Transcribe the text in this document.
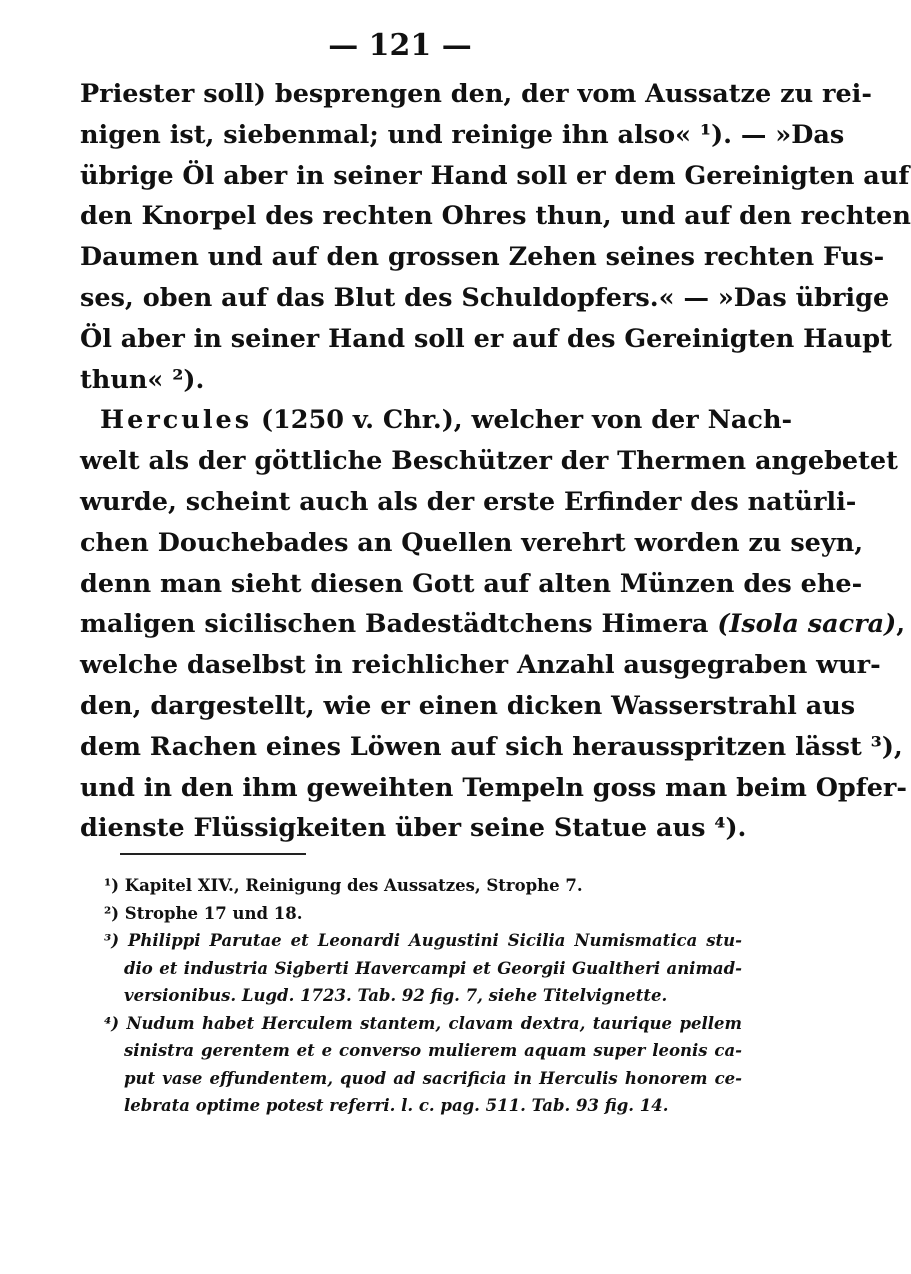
— 121 —
Priester soll) besprengen den, der vom Aussatze zu rei-
nigen ist, siebenmal; und reinige ihn also« ¹). — »Das
übrige Öl aber in seiner Hand soll er dem Gereinigten auf
den Knorpel des rechten Ohres thun, und auf den rechten
Daumen und auf den grossen Zehen seines rechten Fus-
ses, oben auf das Blut des Schuldopfers.« — »Das übrige
Öl aber in seiner Hand soll er auf des Gereinigten Haupt
thun« ²).
Hercules (1250 v. Chr.), welcher von der Nach-
welt als der göttliche Beschützer der Thermen angebetet
wurde, scheint auch als der erste Erfinder des natürli-
chen Douchebades an Quellen verehrt worden zu seyn,
denn man sieht diesen Gott auf alten Münzen des ehe-
maligen sicilischen Badestädtchens Himera (Isola sacra),
welche daselbst in reichlicher Anzahl ausgegraben wur-
den, dargestellt, wie er einen dicken Wasserstrahl aus
dem Rachen eines Löwen auf sich herausspritzen lässt ³),
und in den ihm geweihten Tempeln goss man beim Opfer-
dienste Flüssigkeiten über seine Statue aus ⁴).
¹) Kapitel XIV., Reinigung des Aussatzes, Strophe 7.
²) Strophe 17 und 18.
³) Philippi Parutae et Leonardi Augustini Sicilia Numismatica stu-
dio et industria Sigberti Havercampi et Georgii Gualtheri animad-
versionibus. Lugd. 1723. Tab. 92 fig. 7, siehe Titelvignette.
⁴) Nudum habet Herculem stantem, clavam dextra, taurique pellem
sinistra gerentem et e converso mulierem aquam super leonis ca-
put vase effundentem, quod ad sacrificia in Herculis honorem ce-
lebrata optime potest referri. l. c. pag. 511. Tab. 93 fig. 14.
